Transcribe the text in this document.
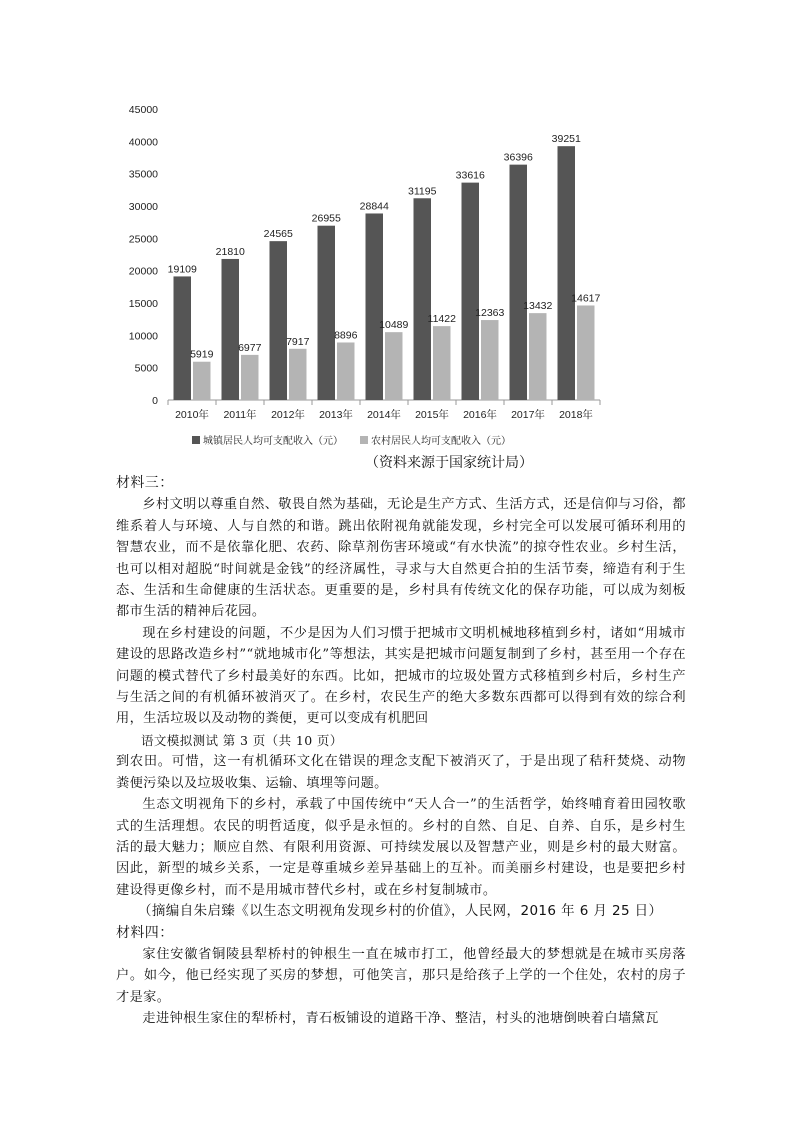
0
5000
10000
15000
20000
25000
30000
35000
40000
45000
2010年
19109
5919
2011年
21810
6977
2012年
24565
7917
2013年
26955
8896
2014年
28844
10489
2015年
31195
11422
2016年
33616
12363
2017年
36396
13432
2018年
39251
14617
城镇居民人均可支配收入（元）	农村居民人均可支配收入（元）
（资料来源于国家统计局）

材料三：

乡村文明以尊重自然、敬畏自然为基础，无论是生产方式、生活方式，还是信仰与习俗，都维系着人与环境、人与自然的和谐。跳出依附视角就能发现，乡村完全可以发展可循环利用的智慧农业，而不是依靠化肥、农药、除草剂伤害环境或“有水快流”的掠夺性农业。乡村生活，也可以相对超脱“时间就是金钱”的经济属性，寻求与大自然更合拍的生活节奏，缔造有利于生态、生活和生命健康的生活状态。更重要的是，乡村具有传统文化的保存功能，可以成为刻板都市生活的精神后花园。

现在乡村建设的问题，不少是因为人们习惯于把城市文明机械地移植到乡村，诸如“用城市建设的思路改造乡村”“就地城市化”等想法，其实是把城市问题复制到了乡村，甚至用一个存在问题的模式替代了乡村最美好的东西。比如，把城市的垃圾处置方式移植到乡村后，乡村生产与生活之间的有机循环被消灭了。在乡村，农民生产的绝大多数东西都可以得到有效的综合利用，生活垃圾以及动物的粪便，更可以变成有机肥回

语文模拟测试 第 3 页（共 10 页）

到农田。可惜，这一有机循环文化在错误的理念支配下被消灭了，于是出现了秸秆焚烧、动物粪便污染以及垃圾收集、运输、填埋等问题。

生态文明视角下的乡村，承载了中国传统中“天人合一”的生活哲学，始终哺育着田园牧歌式的生活理想。农民的明哲适度，似乎是永恒的。乡村的自然、自足、自养、自乐，是乡村生活的最大魅力；顺应自然、有限利用资源、可持续发展以及智慧产业，则是乡村的最大财富。因此，新型的城乡关系，一定是尊重城乡差异基础上的互补。而美丽乡村建设，也是要把乡村建设得更像乡村，而不是用城市替代乡村，或在乡村复制城市。

（摘编自朱启臻《以生态文明视角发现乡村的价值》，人民网，2016 年 6 月 25 日）

材料四：

家住安徽省铜陵县犁桥村的钟根生一直在城市打工，他曾经最大的梦想就是在城市买房落户。如今，他已经实现了买房的梦想，可他笑言，那只是给孩子上学的一个住处，农村的房子才是家。

走进钟根生家住的犁桥村，青石板铺设的道路干净、整洁，村头的池塘倒映着白墙黛瓦
